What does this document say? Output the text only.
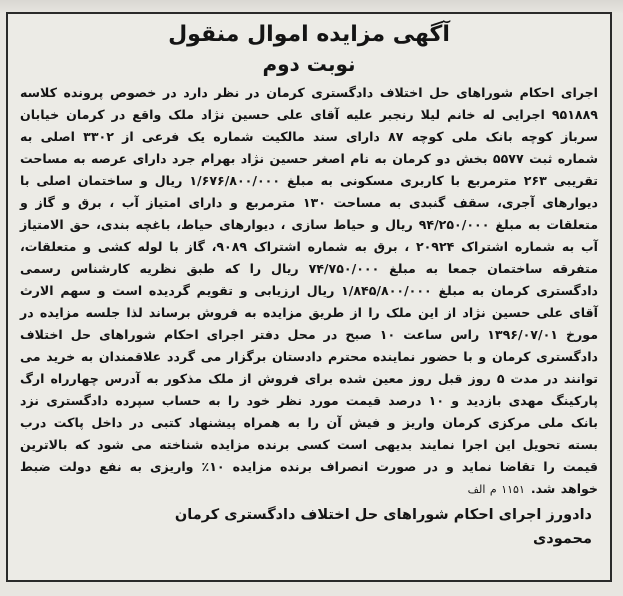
آگهی مزایده اموال منقول
نوبت دوم

اجرای احکام شوراهای حل اختلاف دادگستری کرمان در نظر دارد در خصوص پرونده کلاسه ۹۵۱۸۸۹ اجرایی له خانم لیلا رنجبر علیه آقای علی حسین نژاد ملک واقع در کرمان خیابان سرباز کوچه بانک ملی کوچه ۸۷ دارای سند مالکیت شماره یک فرعی از ۳۳۰۲ اصلی به شماره ثبت ۵۵۷۷ بخش دو کرمان به نام اصغر حسین نژاد بهرام جرد دارای عرصه به مساحت تقریبی ۲۶۳ مترمربع با کاربری مسکونی به مبلغ ۱/۶۷۶/۸۰۰/۰۰۰ ریال و ساختمان اصلی با دیوارهای آجری، سقف گنبدی به مساحت ۱۳۰ مترمربع و دارای امتیاز آب ، برق و گاز و متعلقات به مبلغ ۹۴/۲۵۰/۰۰۰ ریال و حیاط سازی ، دیوارهای حیاط، باغچه بندی، حق الامتیاز آب به شماره اشتراک ۲۰۹۲۴ ، برق به شماره اشتراک ۹۰۸۹، گاز با لوله کشی و متعلقات، متفرقه ساختمان جمعا به مبلغ ۷۴/۷۵۰/۰۰۰ ریال را که طبق نظریه کارشناس رسمی دادگستری کرمان به مبلغ ۱/۸۴۵/۸۰۰/۰۰۰ ریال ارزیابی و تقویم گردیده است و سهم الارث آقای علی حسین نژاد از این ملک را از طریق مزایده به فروش برساند لذا جلسه مزایده در مورخ ۱۳۹۶/۰۷/۰۱ راس ساعت ۱۰ صبح در محل دفتر اجرای احکام شوراهای حل اختلاف دادگستری کرمان و با حضور نماینده محترم دادستان برگزار می گردد علاقمندان به خرید می توانند در مدت ۵ روز قبل روز معین شده برای فروش از ملک مذکور به آدرس چهارراه ارگ پارکینگ مهدی بازدید و ۱۰ درصد قیمت مورد نظر خود را به حساب سپرده دادگستری نزد بانک ملی مرکزی کرمان واریز و فیش آن را به همراه پیشنهاد کتبی در داخل پاکت درب بسته تحویل این اجرا نمایند بدیهی است کسی برنده مزایده شناخته می شود که بالاترین قیمت را تقاضا نماید و در صورت انصراف برنده مزایده ۱۰٪ واریزی به نفع دولت ضبط خواهد شد.۱۱۵۱ م الف

دادورز اجرای احکام شوراهای حل اختلاف دادگستری کرمان
محمودی
